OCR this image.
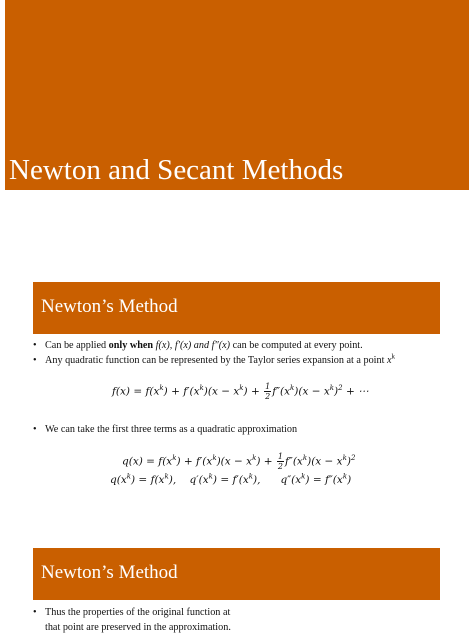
Newton and Secant Methods
Newton’s Method
• Can be applied only when f(x), f′(x) and f″(x) can be computed at every point.
• Any quadratic function can be represented by the Taylor series expansion at a point $x^k$
$f(x) = f(x^k) + f'(x^k)(x - x^k) + \frac{1}{2} f''(x^k)(x - x^k)^2$ + ⋯
• We can take the first three terms as a quadratic approximation
$q(x) = f(x^k) + f'(x^k)(x - x^k) + \frac{1}{2} f''(x^k)(x - x^k)^2$
$q(x^k) = f(x^k)$, $q'(x^k) = f'(x^k)$, $q''(x^k) = f''(x^k)$
Newton’s Method
• Thus the properties of the original function at
that point are preserved in the approximation.
